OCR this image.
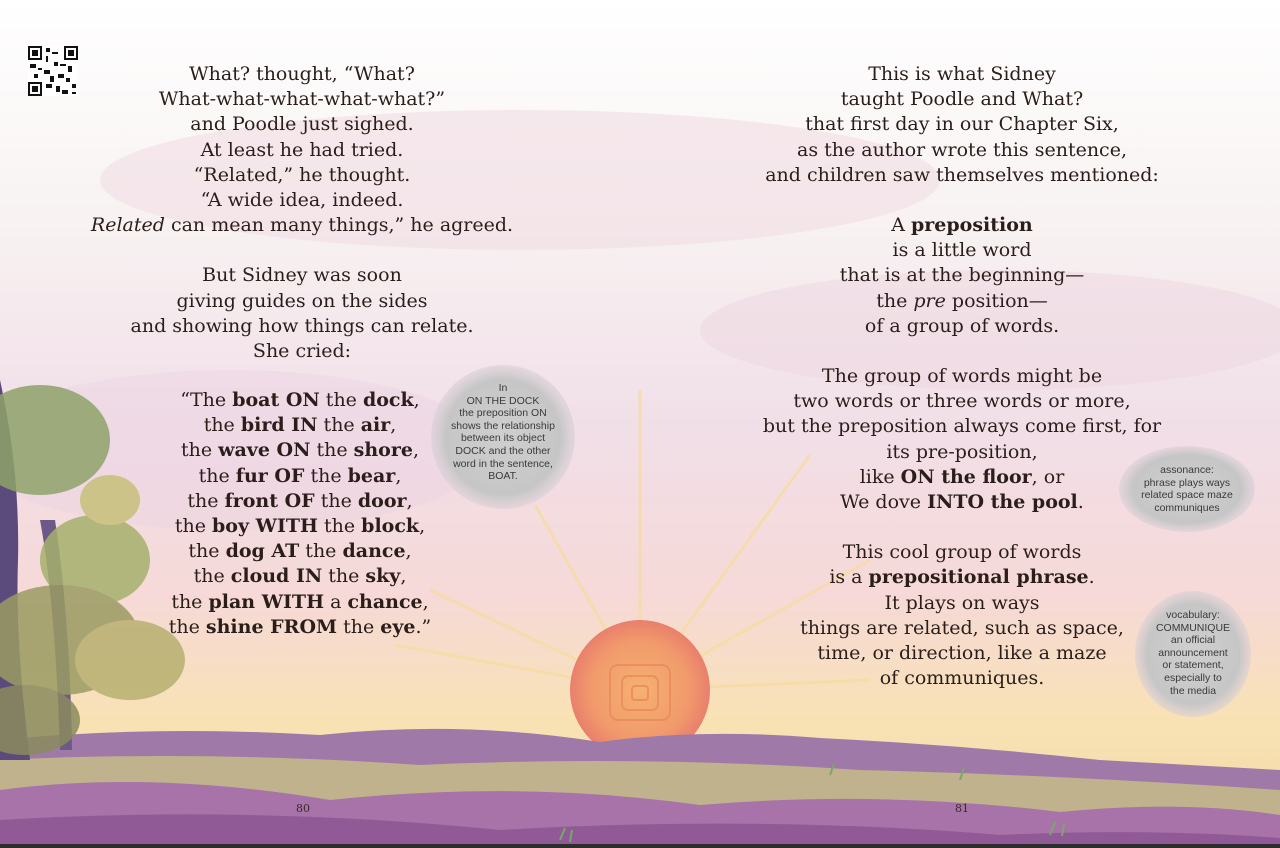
What? thought, “What?

What-what-what-what-what?”

and Poodle just sighed.

At least he had tried.

“Related,” he thought.

“A wide idea, indeed.

Related can mean many things,” he agreed.

But Sidney was soon

giving guides on the sides

and showing how things can relate.

She cried:

“The boat ON the dock,

the bird IN the air,

the wave ON the shore,

the fur OF the bear,

the front OF the door,

the boy WITH the block,

the dog AT the dance,

the cloud IN the sky,

the plan WITH a chance,

the shine FROM the eye.”

In

ON THE DOCK

the preposition ON

shows the relationship

between its object

DOCK and the other

word in the sentence,

BOAT.

80

This is what Sidney

taught Poodle and What?

that first day in our Chapter Six,

as the author wrote this sentence,

and children saw themselves mentioned:

A preposition

is a little word

that is at the beginning—

the pre position—

of a group of words.

The group of words might be

two words or three words or more,

but the preposition always come first, for

its pre-position,

like ON the floor, or

We dove INTO the pool.

This cool group of words

is a prepositional phrase.

It plays on ways

things are related, such as space,

time, or direction, like a maze

of communiques.

assonance:

phrase plays ways

related space maze

communiques

vocabulary:

COMMUNIQUE

an official

announcement

or statement,

especially to

the media

81
